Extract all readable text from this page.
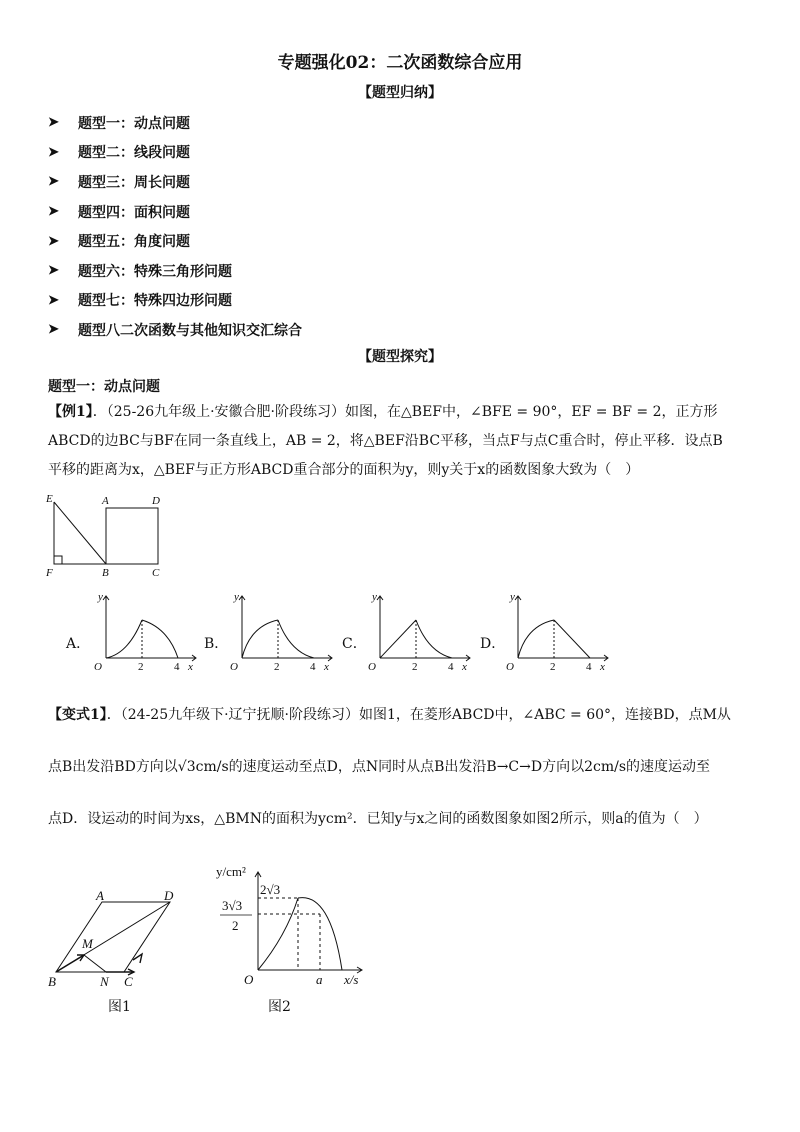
专题强化02：二次函数综合应用
【题型归纳】
➤	题型一：动点问题
➤	题型二：线段问题
➤	题型三：周长问题
➤	题型四：面积问题
➤	题型五：角度问题
➤	题型六：特殊三角形问题
➤	题型七：特殊四边形问题
➤	题型八二次函数与其他知识交汇综合
【题型探究】
题型一：动点问题
【例1】．（25-26九年级上·安徽合肥·阶段练习）如图，在△BEF中，∠BFE = 90°，EF = BF = 2，正方形
ABCD的边BC与BF在同一条直线上，AB = 2，将△BEF沿BC平移，当点F与点C重合时，停止平移．设点B
平移的距离为x，△BEF与正方形ABCD重合部分的面积为y，则y关于x的函数图象大致为（　）
E	A	D
F	B	C
A．	B．	C．	D．
y
O	2	4 x
y
O	2	4 x
y
O	2	4 x
y
O	2	4 x
【变式1】．（24-25九年级下·辽宁抚顺·阶段练习）如图1，在菱形ABCD中，∠ABC = 60°，连接BD，点M从
点B出发沿BD方向以√3cm/s的速度运动至点D，点N同时从点B出发沿B→C→D方向以2cm/s的速度运动至
点D．设运动的时间为xs，△BMN的面积为ycm²．已知y与x之间的函数图象如图2所示，则a的值为（　）
A	D
M
B	N C
图1
y/cm²
2√3
3√3
2
O	a x/s
图2
